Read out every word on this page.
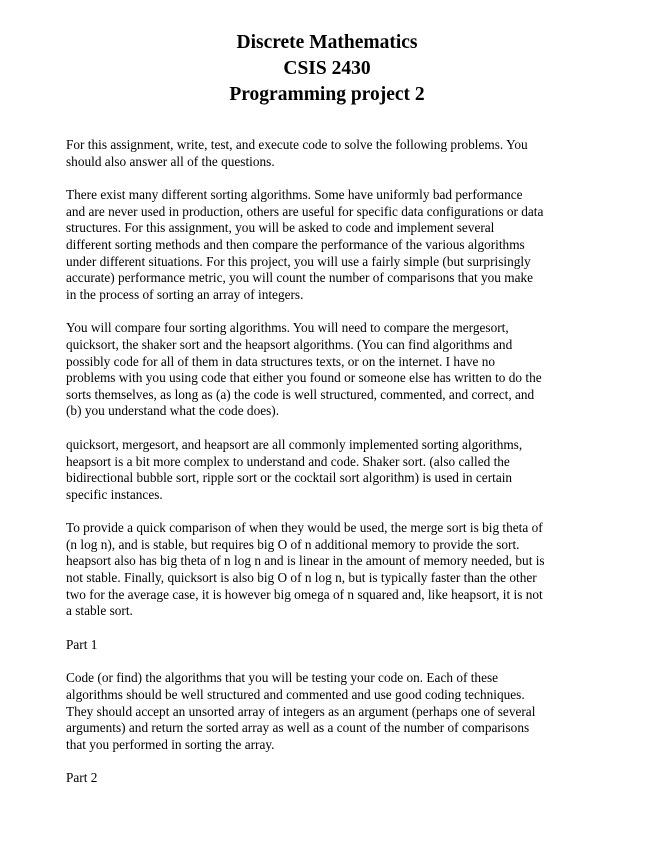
Discrete Mathematics
CSIS 2430
Programming project 2
For this assignment, write, test, and execute code to solve the following problems. You
should also answer all of the questions.
There exist many different sorting algorithms. Some have uniformly bad performance
and are never used in production, others are useful for specific data configurations or data
structures. For this assignment, you will be asked to code and implement several
different sorting methods and then compare the performance of the various algorithms
under different situations. For this project, you will use a fairly simple (but surprisingly
accurate) performance metric, you will count the number of comparisons that you make
in the process of sorting an array of integers.
You will compare four sorting algorithms. You will need to compare the mergesort,
quicksort, the shaker sort and the heapsort algorithms. (You can find algorithms and
possibly code for all of them in data structures texts, or on the internet. I have no
problems with you using code that either you found or someone else has written to do the
sorts themselves, as long as (a) the code is well structured, commented, and correct, and
(b) you understand what the code does).
quicksort, mergesort, and heapsort are all commonly implemented sorting algorithms,
heapsort is a bit more complex to understand and code. Shaker sort. (also called the
bidirectional bubble sort, ripple sort or the cocktail sort algorithm) is used in certain
specific instances.
To provide a quick comparison of when they would be used, the merge sort is big theta of
(n log n), and is stable, but requires big O of n additional memory to provide the sort.
heapsort also has big theta of n log n and is linear in the amount of memory needed, but is
not stable. Finally, quicksort is also big O of n log n, but is typically faster than the other
two for the average case, it is however big omega of n squared and, like heapsort, it is not
a stable sort.
Part 1
Code (or find) the algorithms that you will be testing your code on. Each of these
algorithms should be well structured and commented and use good coding techniques.
They should accept an unsorted array of integers as an argument (perhaps one of several
arguments) and return the sorted array as well as a count of the number of comparisons
that you performed in sorting the array.
Part 2
